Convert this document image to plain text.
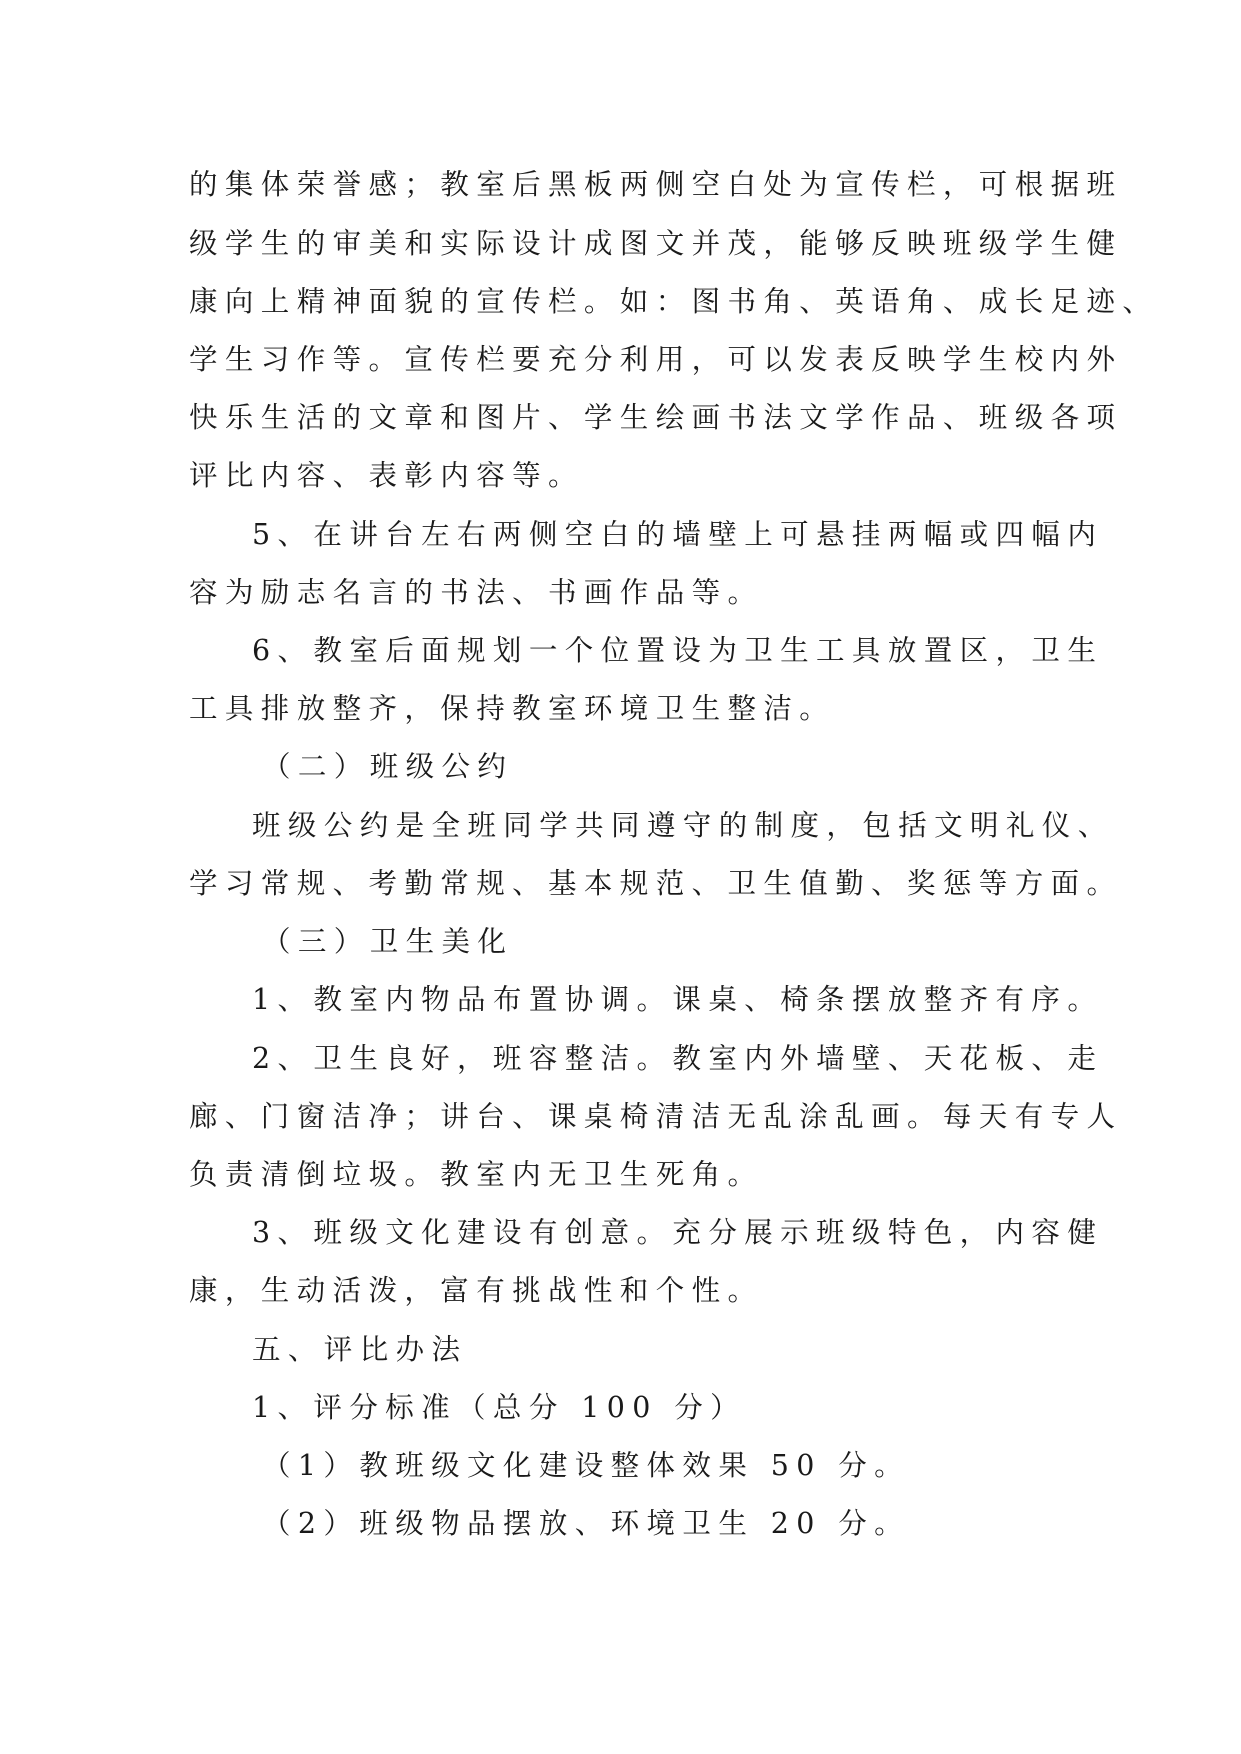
的集体荣誉感；教室后黑板两侧空白处为宣传栏，可根据班
级学生的审美和实际设计成图文并茂，能够反映班级学生健
康向上精神面貌的宣传栏。如：图书角、英语角、成长足迹、
学生习作等。宣传栏要充分利用，可以发表反映学生校内外
快乐生活的文章和图片、学生绘画书法文学作品、班级各项
评比内容、表彰内容等。
5、在讲台左右两侧空白的墙壁上可悬挂两幅或四幅内
容为励志名言的书法、书画作品等。
6、教室后面规划一个位置设为卫生工具放置区，卫生
工具排放整齐，保持教室环境卫生整洁。
（二）班级公约
班级公约是全班同学共同遵守的制度，包括文明礼仪、
学习常规、考勤常规、基本规范、卫生值勤、奖惩等方面。
（三）卫生美化
1、教室内物品布置协调。课桌、椅条摆放整齐有序。
2、卫生良好，班容整洁。教室内外墙壁、天花板、走
廊、门窗洁净；讲台、课桌椅清洁无乱涂乱画。每天有专人
负责清倒垃圾。教室内无卫生死角。
3、班级文化建设有创意。充分展示班级特色，内容健
康，生动活泼，富有挑战性和个性。
五、评比办法
1、评分标准（总分 100 分）
（1）教班级文化建设整体效果 50 分。
（2）班级物品摆放、环境卫生 20 分。
